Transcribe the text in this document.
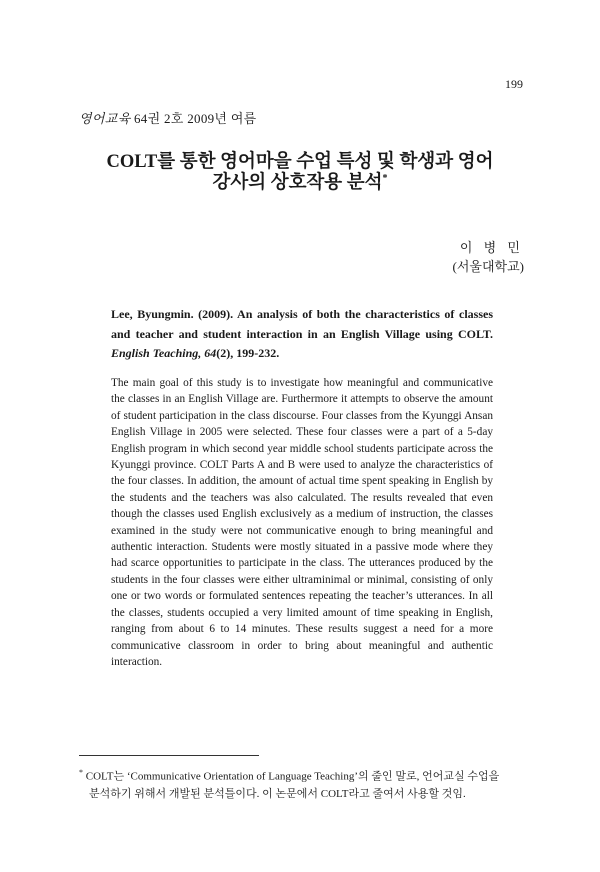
199
영어교육 64권 2호 2009년 여름
COLT를 통한 영어마을 수업 특성 및 학생과 영어
강사의 상호작용 분석*
이 병 민
(서울대학교)

Lee, Byungmin. (2009). An analysis of both the characteristics of classes and teacher and student interaction in an English Village using COLT. English Teaching, 64(2), 199-232.

The main goal of this study is to investigate how meaningful and communicative the classes in an English Village are. Furthermore it attempts to observe the amount of student participation in the class discourse. Four classes from the Kyunggi Ansan English Village in 2005 were selected. These four classes were a part of a 5-day English program in which second year middle school students participate across the Kyunggi province. COLT Parts A and B were used to analyze the characteristics of the four classes. In addition, the amount of actual time spent speaking in English by the students and the teachers was also calculated. The results revealed that even though the classes used English exclusively as a medium of instruction, the classes examined in the study were not communicative enough to bring meaningful and authentic interaction. Students were mostly situated in a passive mode where they had scarce opportunities to participate in the class. The utterances produced by the students in the four classes were either ultraminimal or minimal, consisting of only one or two words or formulated sentences repeating the teacher’s utterances. In all the classes, students occupied a very limited amount of time speaking in English, ranging from about 6 to 14 minutes. These results suggest a need for a more communicative classroom in order to bring about meaningful and authentic interaction.

* COLT는 ‘Communicative Orientation of Language Teaching’의 줄인 말로, 언어교실 수업을
분석하기 위해서 개발된 분석틀이다. 이 논문에서 COLT라고 줄여서 사용할 것임.
